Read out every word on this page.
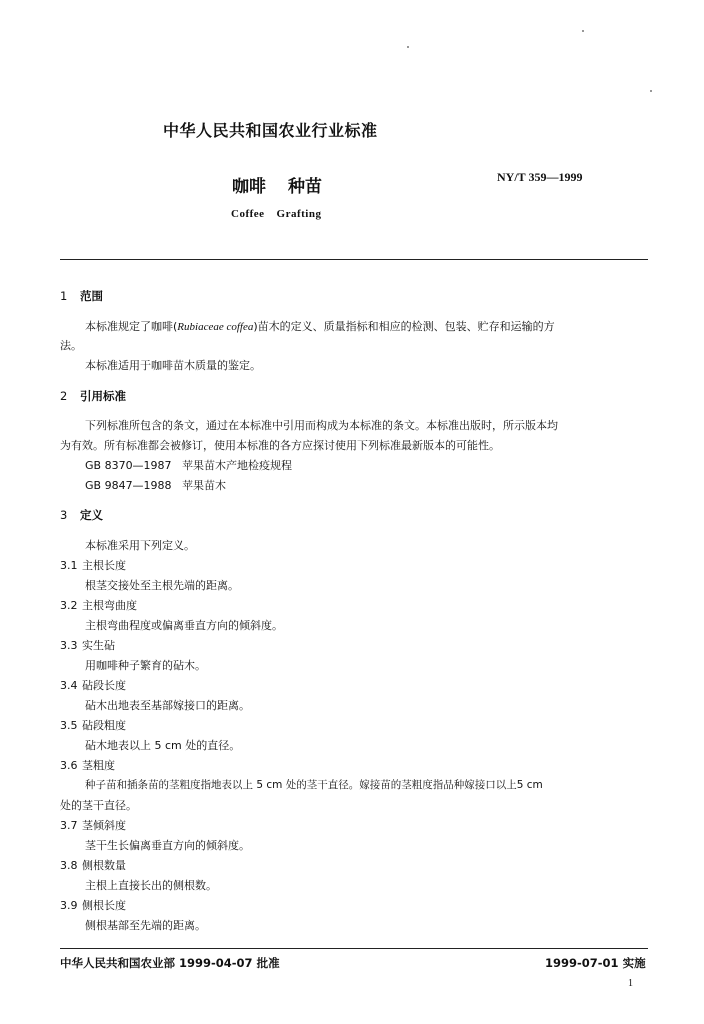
中华人民共和国农业行业标准
咖啡 种苗	NY/T 359—1999
Coffee Grafting
1 范围
本标准规定了咖啡(Rubiaceae coffea)苗木的定义、质量指标和相应的检测、包装、贮存和运输的方
法。
本标准适用于咖啡苗木质量的鉴定。
2 引用标准
下列标准所包含的条文，通过在本标准中引用而构成为本标准的条文。本标准出版时，所示版本均
为有效。所有标准都会被修订，使用本标准的各方应探讨使用下列标准最新版本的可能性。
GB 8370—1987   苹果苗木产地检疫规程
GB 9847—1988   苹果苗木
3 定义
本标准采用下列定义。
3.1 主根长度
根茎交接处至主根先端的距离。
3.2 主根弯曲度
主根弯曲程度或偏离垂直方向的倾斜度。
3.3 实生砧
用咖啡种子繁育的砧木。
3.4 砧段长度
砧木出地表至基部嫁接口的距离。
3.5 砧段粗度
砧木地表以上 5 cm 处的直径。
3.6 茎粗度
种子苗和插条苗的茎粗度指地表以上 5 cm 处的茎干直径。嫁接苗的茎粗度指品种嫁接口以上5 cm
处的茎干直径。
3.7 茎倾斜度
茎干生长偏离垂直方向的倾斜度。
3.8 侧根数量
主根上直接长出的侧根数。
3.9 侧根长度
侧根基部至先端的距离。
中华人民共和国农业部 1999-04-07 批准	1999-07-01 实施
1
